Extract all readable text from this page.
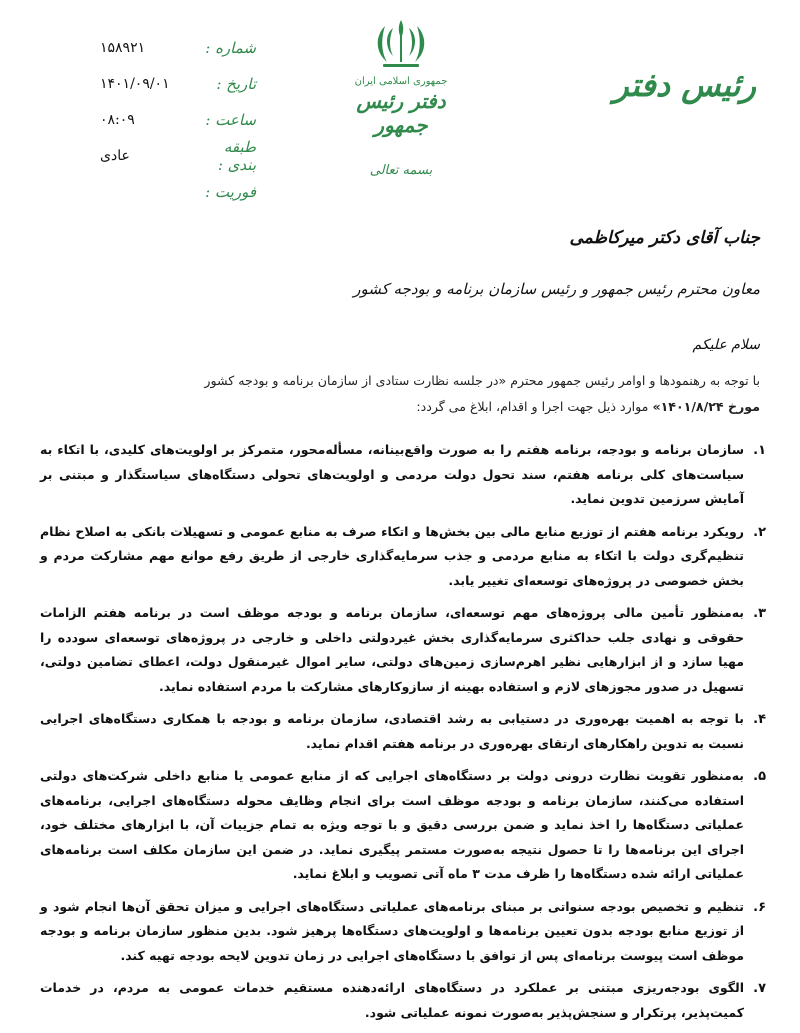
شماره :
۱۵۸۹۲۱
تاریخ :
۱۴۰۱/۰۹/۰۱
ساعت :
۰۸:۰۹
طبقه بندی :
عادی
فوریت :
جمهوری اسلامی ایران
دفتر رئیس جمهور
بسمه تعالی
رئیس دفتر
جناب آقای دکتر میرکاظمی
معاون محترم رئیس جمهور و رئیس سازمان برنامه و بودجه کشور
سلام علیکم
با توجه به رهنمودها و اوامر رئیس جمهور محترم «در جلسه نظارت ستادی از سازمان برنامه و بودجه کشور
مورخ ۱۴۰۱/۸/۲۴» موارد ذیل جهت اجرا و اقدام، ابلاغ می گردد:
۱.
سازمان برنامه و بودجه، برنامه هفتم را به صورت واقع‌بینانه، مسأله‌محور، متمرکز بر اولویت‌های کلیدی، با اتکاء به سیاست‌های کلی برنامه هفتم، سند تحول دولت مردمی و اولویت‌های تحولی دستگاه‌های سیاستگذار و مبتنی بر آمایش سرزمین تدوین نماید.
۲.
رویکرد برنامه هفتم از توزیع منابع مالی بین بخش‌ها و اتکاء صرف به منابع عمومی و تسهیلات بانکی به اصلاح نظام تنظیم‌گری دولت با اتکاء به منابع مردمی و جذب سرمایه‌گذاری خارجی از طریق رفع موانع مهم مشارکت مردم و بخش خصوصی در پروژه‌های توسعه‌ای تغییر یابد.
۳.
به‌منظور تأمین مالی پروژه‌های مهم توسعه‌ای، سازمان برنامه و بودجه موظف است در برنامه هفتم الزامات حقوقی و نهادی جلب حداکثری سرمایه‌گذاری بخش غیردولتی داخلی و خارجی در پروژه‌های توسعه‌ای سودده را مهیا سازد و از ابزارهایی نظیر اهرم‌سازی زمین‌های دولتی، سایر اموال غیرمنقول دولت، اعطای تضامین دولتی، تسهیل در صدور مجوزهای لازم و استفاده بهینه از سازوکارهای مشارکت با مردم استفاده نماید.
۴.
با توجه به اهمیت بهره‌وری در دستیابی به رشد اقتصادی، سازمان برنامه و بودجه با همکاری دستگاه‌های اجرایی نسبت به تدوین راهکارهای ارتقای بهره‌وری در برنامه هفتم اقدام نماید.
۵.
به‌منظور تقویت نظارت درونی دولت بر دستگاه‌های اجرایی که از منابع عمومی یا منابع داخلی شرکت‌های دولتی استفاده می‌کنند، سازمان برنامه و بودجه موظف است برای انجام وظایف محوله دستگاه‌های اجرایی، برنامه‌های عملیاتی دستگاه‌ها را اخذ نماید و ضمن بررسی دقیق و با توجه ویژه به تمام جزییات آن، با ابزارهای مختلف خود، اجرای این برنامه‌ها را تا حصول نتیجه به‌صورت مستمر پیگیری نماید. در ضمن این سازمان مکلف است برنامه‌های عملیاتی ارائه شده دستگاه‌ها را ظرف مدت ۳ ماه آتی تصویب و ابلاغ نماید.
۶.
تنظیم و تخصیص بودجه سنواتی بر مبنای برنامه‌های عملیاتی دستگاه‌های اجرایی و میزان تحقق آن‌ها انجام شود و از توزیع منابع بودجه بدون تعیین برنامه‌ها و اولویت‌های دستگاه‌ها پرهیز شود. بدین منظور سازمان برنامه و بودجه موظف است پیوست برنامه‌ای پس از توافق با دستگاه‌های اجرایی در زمان تدوین لایحه بودجه تهیه کند.
۷.
الگوی بودجه‌ریزی مبتنی بر عملکرد در دستگاه‌های ارائه‌دهنده مستقیم خدمات عمومی به مردم، در خدمات کمیت‌پذیر، پرتکرار و سنجش‌پذیر به‌صورت نمونه عملیاتی شود.
